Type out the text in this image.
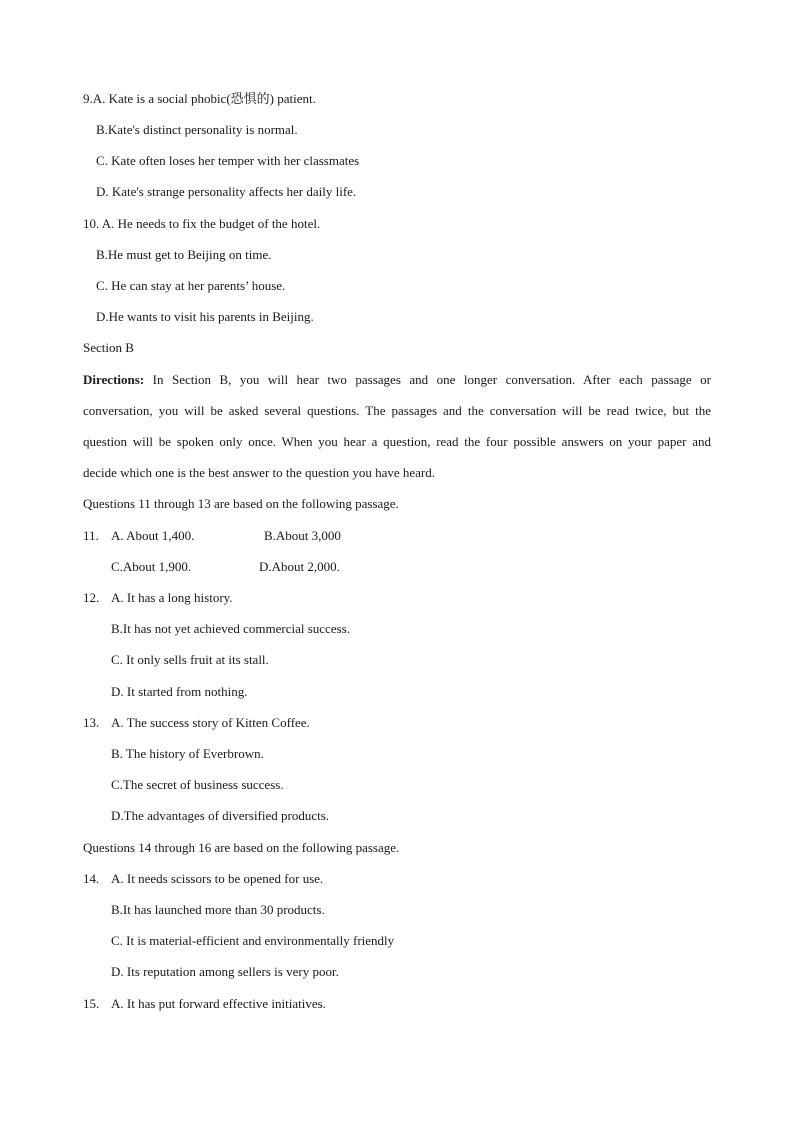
9.A. Kate is a social phobic(恐惧的) patient.
B.Kate's distinct personality is normal.
C. Kate often loses her temper with her classmates
D. Kate's strange personality affects her daily life.
10. A. He needs to fix the budget of the hotel.
B.He must get to Beijing on time.
C. He can stay at her parents’ house.
D.He wants to visit his parents in Beijing.
Section B
Directions: In Section B, you will hear two passages and one longer conversation. After each passage or
conversation, you will be asked several questions. The passages and the conversation will be read twice, but the
question will be spoken only once. When you hear a question, read the four possible answers on your paper and
decide which one is the best answer to the question you have heard.
Questions 11 through 13 are based on the following passage.
11. A. About 1,400.	B.About 3,000
C.About 1,900.	D.About 2,000.
12. A. It has a long history.
B.It has not yet achieved commercial success.
C. It only sells fruit at its stall.
D. It started from nothing.
13. A. The success story of Kitten Coffee.
B. The history of Everbrown.
C.The secret of business success.
D.The advantages of diversified products.
Questions 14 through 16 are based on the following passage.
14. A. It needs scissors to be opened for use.
B.It has launched more than 30 products.
C. It is material-efficient and environmentally friendly
D. Its reputation among sellers is very poor.
15. A. It has put forward effective initiatives.
